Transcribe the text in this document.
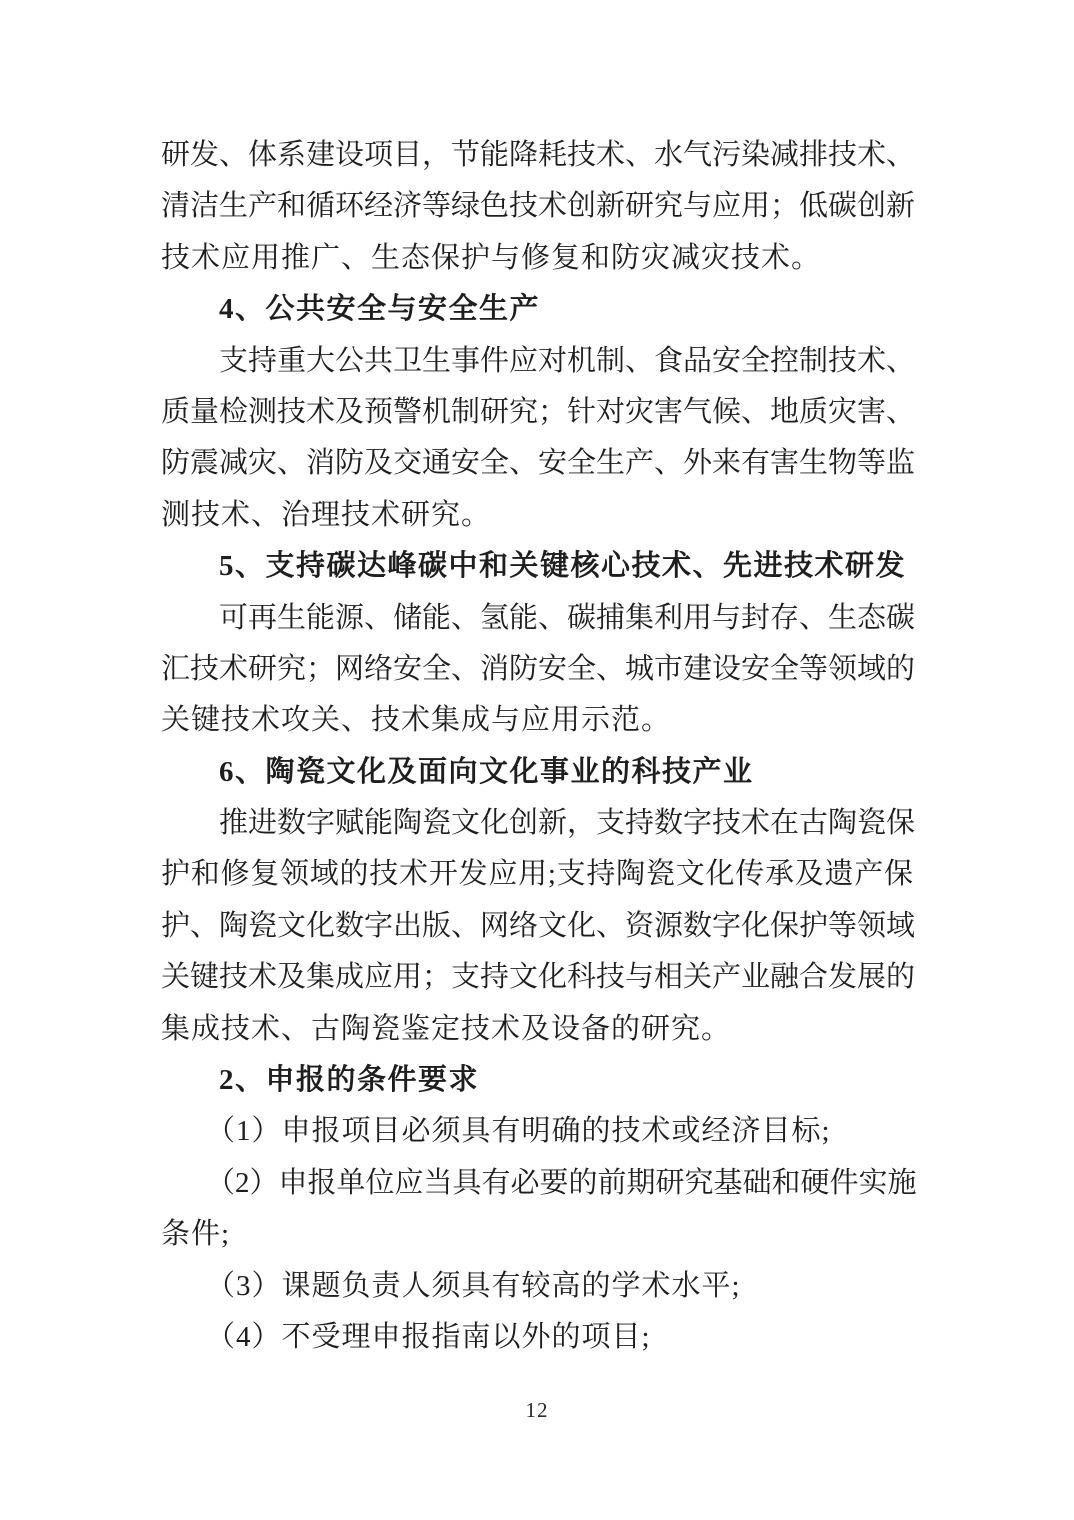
研发、体系建设项目，节能降耗技术、水气污染减排技术、
清洁生产和循环经济等绿色技术创新研究与应用；低碳创新
技术应用推广、生态保护与修复和防灾减灾技术。
4、公共安全与安全生产
支持重大公共卫生事件应对机制、食品安全控制技术、
质量检测技术及预警机制研究；针对灾害气候、地质灾害、
防震减灾、消防及交通安全、安全生产、外来有害生物等监
测技术、治理技术研究。
5、支持碳达峰碳中和关键核心技术、先进技术研发
可再生能源、储能、氢能、碳捕集利用与封存、生态碳
汇技术研究；网络安全、消防安全、城市建设安全等领域的
关键技术攻关、技术集成与应用示范。
6、陶瓷文化及面向文化事业的科技产业
推进数字赋能陶瓷文化创新，支持数字技术在古陶瓷保
护和修复领域的技术开发应用;支持陶瓷文化传承及遗产保
护、陶瓷文化数字出版、网络文化、资源数字化保护等领域
关键技术及集成应用；支持文化科技与相关产业融合发展的
集成技术、古陶瓷鉴定技术及设备的研究。
2、申报的条件要求
（1）申报项目必须具有明确的技术或经济目标;
（2）申报单位应当具有必要的前期研究基础和硬件实施
条件;
（3）课题负责人须具有较高的学术水平;
（4）不受理申报指南以外的项目;
12
